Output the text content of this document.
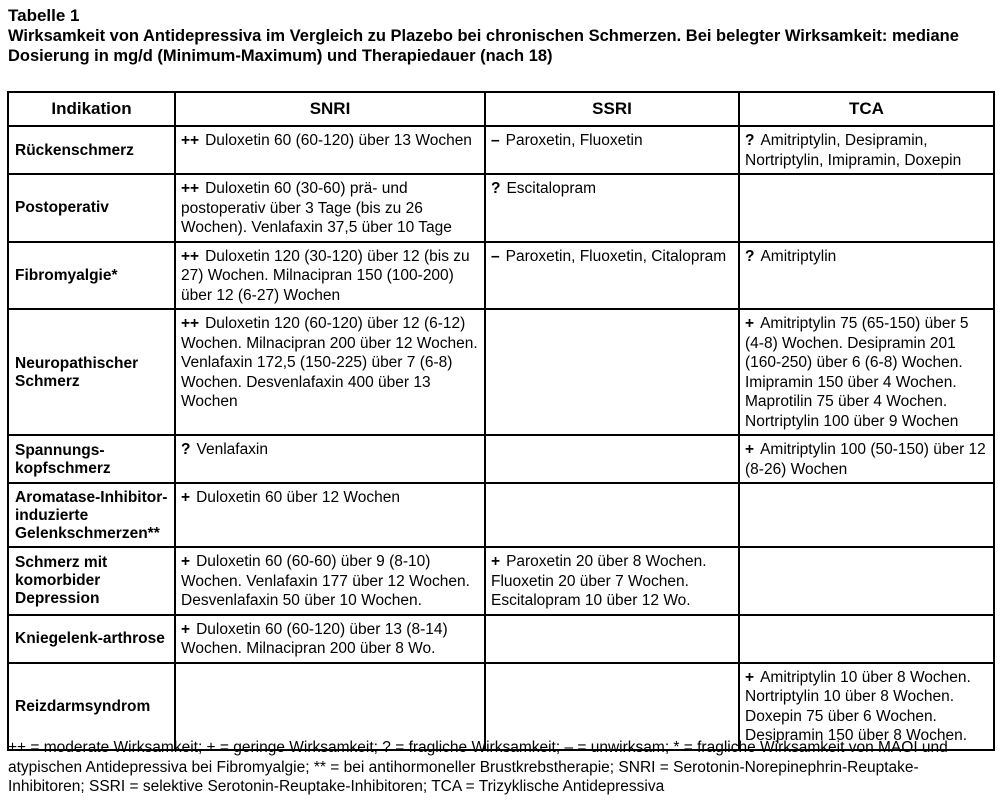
Tabelle 1
Wirksamkeit von Antidepressiva im Vergleich zu Plazebo bei chronischen Schmerzen. Bei belegter Wirksamkeit: mediane Dosierung in mg/d (Minimum-Maximum) und Therapiedauer (nach 18)
Indikation	SNRI	SSRI	TCA
Rückenschmerz	++ Duloxetin 60 (60-120) über 13 Wochen	– Paroxetin, Fluoxetin	? Amitriptylin, Desipramin, Nortriptylin, Imipramin, Doxepin
Postoperativ	++ Duloxetin 60 (30-60) prä- und postoperativ über 3 Tage (bis zu 26 Wochen). Venlafaxin 37,5 über 10 Tage	? Escitalopram	
Fibromyalgie*	++ Duloxetin 120 (30-120) über 12 (bis zu 27) Wochen. Milnacipran 150 (100-200) über 12 (6-27) Wochen	– Paroxetin, Fluoxetin, Citalopram	? Amitriptylin
Neuropathischer Schmerz	++ Duloxetin 120 (60-120) über 12 (6-12) Wochen. Milnacipran 200 über 12 Wochen. Venlafaxin 172,5 (150-225) über 7 (6-8) Wochen. Desvenlafaxin 400 über 13 Wochen		+ Amitriptylin 75 (65-150) über 5 (4-8) Wochen. Desipramin 201 (160-250) über 6 (6-8) Wochen. Imipramin 150 über 4 Wochen. Maprotilin 75 über 4 Wochen. Nortriptylin 100 über 9 Wochen
Spannungs-kopfschmerz	? Venlafaxin		+ Amitriptylin 100 (50-150) über 12 (8-26) Wochen
Aromatase-Inhibitor-induzierte Gelenkschmerzen**	+ Duloxetin 60 über 12 Wochen		
Schmerz mit komorbider Depression	+ Duloxetin 60 (60-60) über 9 (8-10) Wochen. Venlafaxin 177 über 12 Wochen. Desvenlafaxin 50 über 10 Wochen.	+ Paroxetin 20 über 8 Wochen. Fluoxetin 20 über 7 Wochen. Escitalopram 10 über 12 Wo.	
Kniegelenk-arthrose	+ Duloxetin 60 (60-120) über 13 (8-14) Wochen. Milnacipran 200 über 8 Wo.		
Reizdarmsyndrom			+ Amitriptylin 10 über 8 Wochen. Nortriptylin 10 über 8 Wochen. Doxepin 75 über 6 Wochen. Desipramin 150 über 8 Wochen.
++ = moderate Wirksamkeit; + = geringe Wirksamkeit; ? = fragliche Wirksamkeit; – = unwirksam; * = fragliche Wirksamkeit von MAOI und atypischen Antidepressiva bei Fibromyalgie; ** = bei antihormoneller Brustkrebstherapie; SNRI = Serotonin-Norepinephrin-Reuptake-Inhibitoren; SSRI = selektive Serotonin-Reuptake-Inhibitoren; TCA = Trizyklische Antidepressiva
